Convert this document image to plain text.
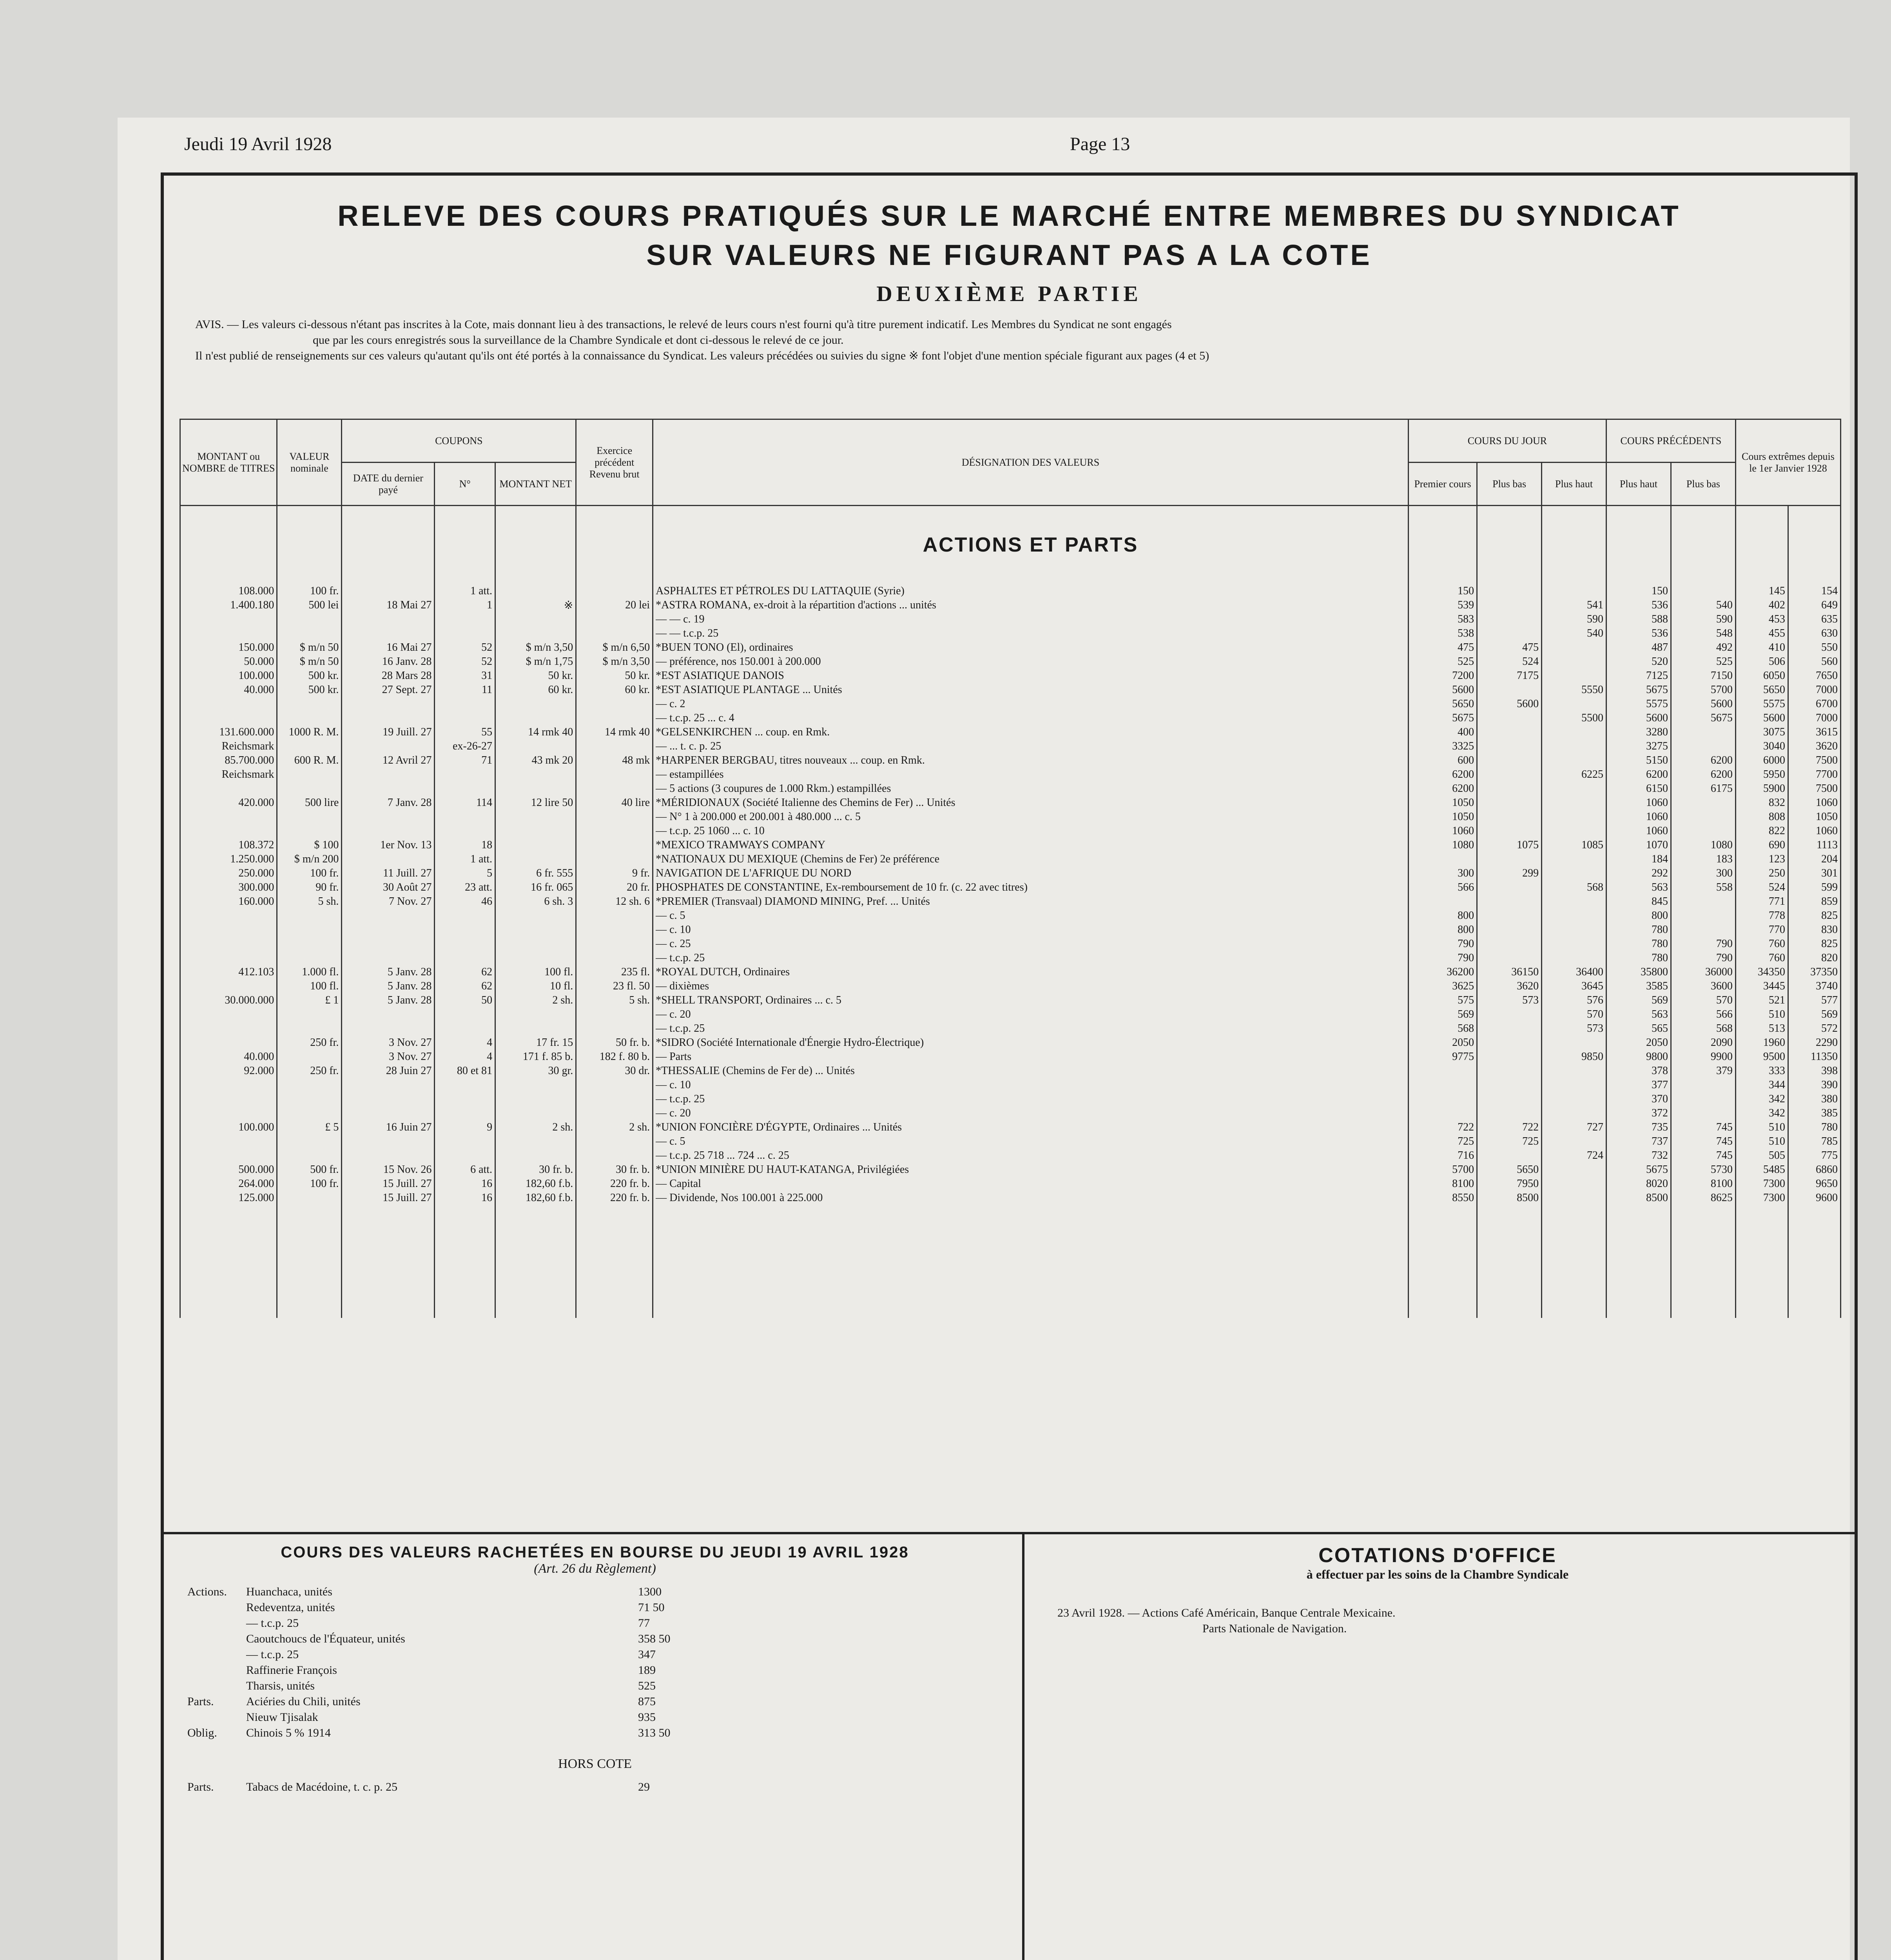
Jeudi 19 Avril 1928	Page 13
RELEVE DES COURS PRATIQUÉS SUR LE MARCHÉ ENTRE MEMBRES DU SYNDICAT
SUR VALEURS NE FIGURANT PAS A LA COTE
DEUXIÈME PARTIE
AVIS. — Les valeurs ci-dessous n'étant pas inscrites à la Cote, mais donnant lieu à des transactions, le relevé de leurs cours n'est fourni qu'à titre purement indicatif. Les Membres du Syndicat ne sont engagés
que par les cours enregistrés sous la surveillance de la Chambre Syndicale et dont ci-dessous le relevé de ce jour.
Il n'est publié de renseignements sur ces valeurs qu'autant qu'ils ont été portés à la connaissance du Syndicat. Les valeurs précédées ou suivies du signe ※ font l'objet d'une mention spéciale figurant aux pages (4 et 5)
MONTANT ou NOMBRE de TITRES	VALEUR nominale	COUPONS			Exercice précédent Revenu brut	DÉSIGNATION DES VALEURS	COURS DU JOUR			COURS PRÉCÉDENTS		Cours extrêmes depuis le 1er Janvier 1928	
		DATE du dernier payé	N°	MONTANT NET			Premier cours	Plus bas	Plus haut	Plus haut	Plus bas		
						ACTIONS ET PARTS							
108.000	100 fr.		1 att.			ASPHALTES ET PÉTROLES DU LATTAQUIE (Syrie)	150			150		145	154
1.400.180	500 lei	18 Mai 27	1	※	20 lei	*ASTRA ROMANA, ex-droit à la répartition d'actions ... unités	539		541	536	540	402	649
						— — c. 19	583		590	588	590	453	635
						— — t.c.p. 25	538		540	536	548	455	630
150.000	$ m/n 50	16 Mai 27	52	$ m/n 3,50	$ m/n 6,50	*BUEN TONO (El), ordinaires	475	475		487	492	410	550
50.000	$ m/n 50	16 Janv. 28	52	$ m/n 1,75	$ m/n 3,50	— préférence, nos 150.001 à 200.000	525	524		520	525	506	560
100.000	500 kr.	28 Mars 28	31	50 kr.	50 kr.	*EST ASIATIQUE DANOIS	7200	7175		7125	7150	6050	7650
40.000	500 kr.	27 Sept. 27	11	60 kr.	60 kr.	*EST ASIATIQUE PLANTAGE ... Unités	5600		5550	5675	5700	5650	7000
						— c. 2	5650	5600		5575	5600	5575	6700
						— t.c.p. 25 ... c. 4	5675		5500	5600	5675	5600	7000
131.600.000	1000 R. M.	19 Juill. 27	55	14 rmk 40	14 rmk 40	*GELSENKIRCHEN ... coup. en Rmk.	400			3280		3075	3615
Reichsmark			ex-26-27			— ... t. c. p. 25	3325			3275		3040	3620
85.700.000	600 R. M.	12 Avril 27	71	43 mk 20	48 mk	*HARPENER BERGBAU, titres nouveaux ... coup. en Rmk.	600			5150	6200	6000	7500
Reichsmark						— estampillées	6200		6225	6200	6200	5950	7700
						— 5 actions (3 coupures de 1.000 Rkm.) estampillées	6200			6150	6175	5900	7500
420.000	500 lire	7 Janv. 28	114	12 lire 50	40 lire	*MÉRIDIONAUX (Société Italienne des Chemins de Fer) ... Unités	1050			1060		832	1060
						— N° 1 à 200.000 et 200.001 à 480.000 ... c. 5	1050			1060		808	1050
						— t.c.p. 25 1060 ... c. 10	1060			1060		822	1060
108.372	$ 100	1er Nov. 13	18			*MEXICO TRAMWAYS COMPANY	1080	1075	1085	1070	1080	690	1113
1.250.000	$ m/n 200		1 att.			*NATIONAUX DU MEXIQUE (Chemins de Fer) 2e préférence				184	183	123	204
250.000	100 fr.	11 Juill. 27	5	6 fr. 555	9 fr.	NAVIGATION DE L'AFRIQUE DU NORD	300	299		292	300	250	301
300.000	90 fr.	30 Août 27	23 att.	16 fr. 065	20 fr.	PHOSPHATES DE CONSTANTINE, Ex-remboursement de 10 fr. (c. 22 avec titres)	566		568	563	558	524	599
160.000	5 sh.	7 Nov. 27	46	6 sh. 3	12 sh. 6	*PREMIER (Transvaal) DIAMOND MINING, Pref. ... Unités				845		771	859
						— c. 5	800			800		778	825
						— c. 10	800			780		770	830
						— c. 25	790			780	790	760	825
						— t.c.p. 25	790			780	790	760	820
412.103	1.000 fl.	5 Janv. 28	62	100 fl.	235 fl.	*ROYAL DUTCH, Ordinaires	36200	36150	36400	35800	36000	34350	37350
	100 fl.	5 Janv. 28	62	10 fl.	23 fl. 50	— dixièmes	3625	3620	3645	3585	3600	3445	3740
30.000.000	£ 1	5 Janv. 28	50	2 sh.	5 sh.	*SHELL TRANSPORT, Ordinaires ... c. 5	575	573	576	569	570	521	577
						— c. 20	569		570	563	566	510	569
						— t.c.p. 25	568		573	565	568	513	572
	250 fr.	3 Nov. 27	4	17 fr. 15	50 fr. b.	*SIDRO (Société Internationale d'Énergie Hydro-Électrique)	2050			2050	2090	1960	2290
40.000		3 Nov. 27	4	171 f. 85 b.	182 f. 80 b.	— Parts	9775		9850	9800	9900	9500	11350
92.000	250 fr.	28 Juin 27	80 et 81	30 gr.	30 dr.	*THESSALIE (Chemins de Fer de) ... Unités				378	379	333	398
						— c. 10				377		344	390
						— t.c.p. 25				370		342	380
						— c. 20				372		342	385
100.000	£ 5	16 Juin 27	9	2 sh.	2 sh.	*UNION FONCIÈRE D'ÉGYPTE, Ordinaires ... Unités	722	722	727	735	745	510	780
						— c. 5	725	725		737	745	510	785
						— t.c.p. 25 718 ... 724 ... c. 25	716		724	732	745	505	775
500.000	500 fr.	15 Nov. 26	6 att.	30 fr. b.	30 fr. b.	*UNION MINIÈRE DU HAUT-KATANGA, Privilégiées	5700	5650		5675	5730	5485	6860
264.000	100 fr.	15 Juill. 27	16	182,60 f.b.	220 fr. b.	— Capital	8100	7950		8020	8100	7300	9650
125.000		15 Juill. 27	16	182,60 f.b.	220 fr. b.	— Dividende, Nos 100.001 à 225.000	8550	8500		8500	8625	7300	9600

COURS DES VALEURS RACHETÉES EN BOURSE DU JEUDI 19 AVRIL 1928
(Art. 26 du Règlement)
Actions.	Huanchaca, unités	1300
Redeventza, unités	71 50
— t.c.p. 25	77
Caoutchoucs de l'Équateur, unités	358 50
— t.c.p. 25	347
Raffinerie François	189
Tharsis, unités	525
Parts.	Aciéries du Chili, unités	875
Nieuw Tjisalak	935
Oblig.	Chinois 5 % 1914	313 50
HORS COTE
Parts.	Tabacs de Macédoine, t. c. p. 25	29
COTATIONS D'OFFICE
à effectuer par les soins de la Chambre Syndicale
23 Avril 1928. — Actions Café Américain, Banque Centrale Mexicaine.
Parts Nationale de Navigation.
